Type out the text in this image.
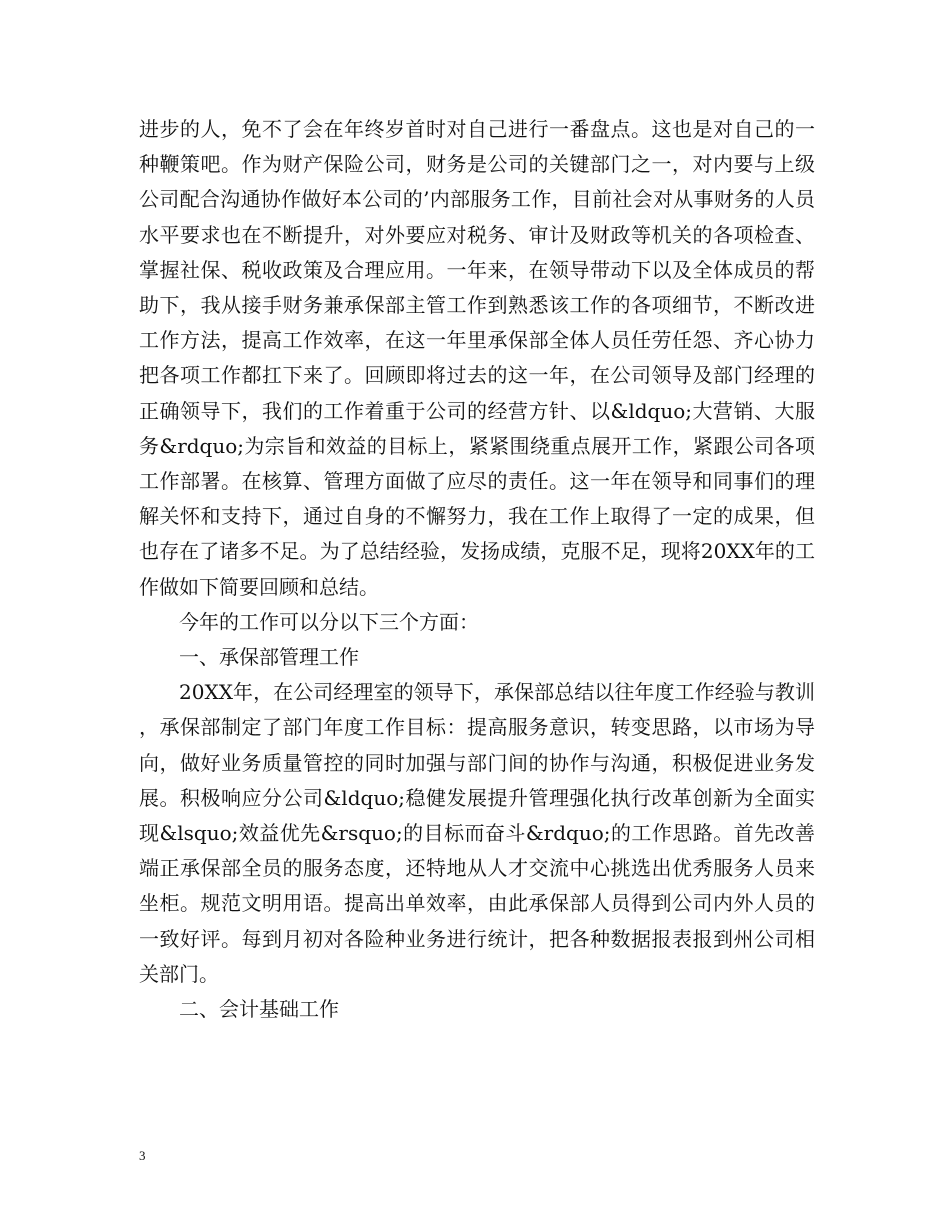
进步的人，免不了会在年终岁首时对自己进行一番盘点。这也是对自己的一种鞭策吧。作为财产保险公司，财务是公司的关键部门之一，对内要与上级公司配合沟通协作做好本公司的’内部服务工作，目前社会对从事财务的人员水平要求也在不断提升，对外要应对税务、审计及财政等机关的各项检查、掌握社保、税收政策及合理应用。一年来，在领导带动下以及全体成员的帮助下，我从接手财务兼承保部主管工作到熟悉该工作的各项细节，不断改进工作方法，提高工作效率，在这一年里承保部全体人员任劳任怨、齐心协力把各项工作都扛下来了。回顾即将过去的这一年，在公司领导及部门经理的正确领导下，我们的工作着重于公司的经营方针、以&ldquo;大营销、大服务&rdquo;为宗旨和效益的目标上，紧紧围绕重点展开工作，紧跟公司各项工作部署。在核算、管理方面做了应尽的责任。这一年在领导和同事们的理解关怀和支持下，通过自身的不懈努力，我在工作上取得了一定的成果，但也存在了诸多不足。为了总结经验，发扬成绩，克服不足，现将20XX年的工作做如下简要回顾和总结。

今年的工作可以分以下三个方面：

一、承保部管理工作

20XX年，在公司经理室的领导下，承保部总结以往年度工作经验与教训，承保部制定了部门年度工作目标：提高服务意识，转变思路，以市场为导向，做好业务质量管控的同时加强与部门间的协作与沟通，积极促进业务发展。积极响应分公司&ldquo;稳健发展提升管理强化执行改革创新为全面实现&lsquo;效益优先&rsquo;的目标而奋斗&rdquo;的工作思路。首先改善端正承保部全员的服务态度，还特地从人才交流中心挑选出优秀服务人员来坐柜。规范文明用语。提高出单效率，由此承保部人员得到公司内外人员的一致好评。每到月初对各险种业务进行统计，把各种数据报表报到州公司相关部门。

二、会计基础工作

3
